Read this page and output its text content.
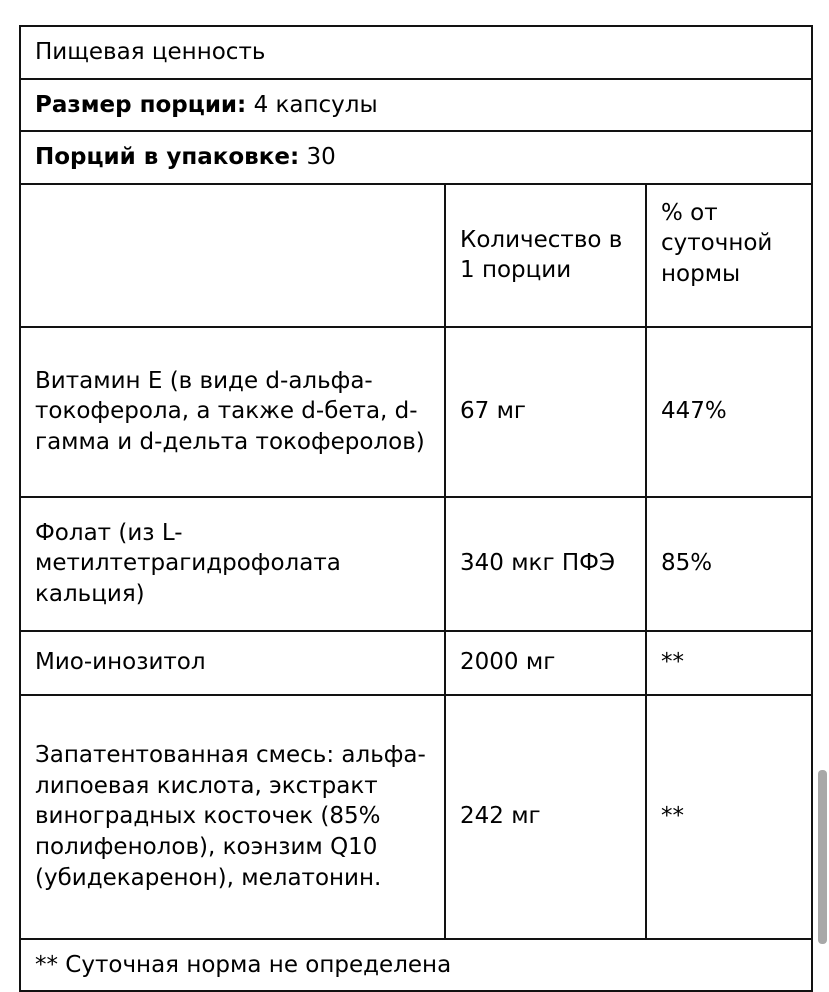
Пищевая ценность		
Размер порции: 4 капсулы		
Порций в упаковке: 30		
	Количество в 1 порции	% от суточной нормы
Витамин E (в виде d-альфа-токоферола, а также d-бета, d-гамма и d-дельта токоферолов)	67 мг	447%
Фолат (из L-метилтетрагидрофолата кальция)	340 мкг ПФЭ	85%
Мио-инозитол	2000 мг	**
Запатентованная смесь: альфа-липоевая кислота, экстракт виноградных косточек (85% полифенолов), коэнзим Q10 (убидекаренон), мелатонин.	242 мг	**
** Суточная норма не определена		
